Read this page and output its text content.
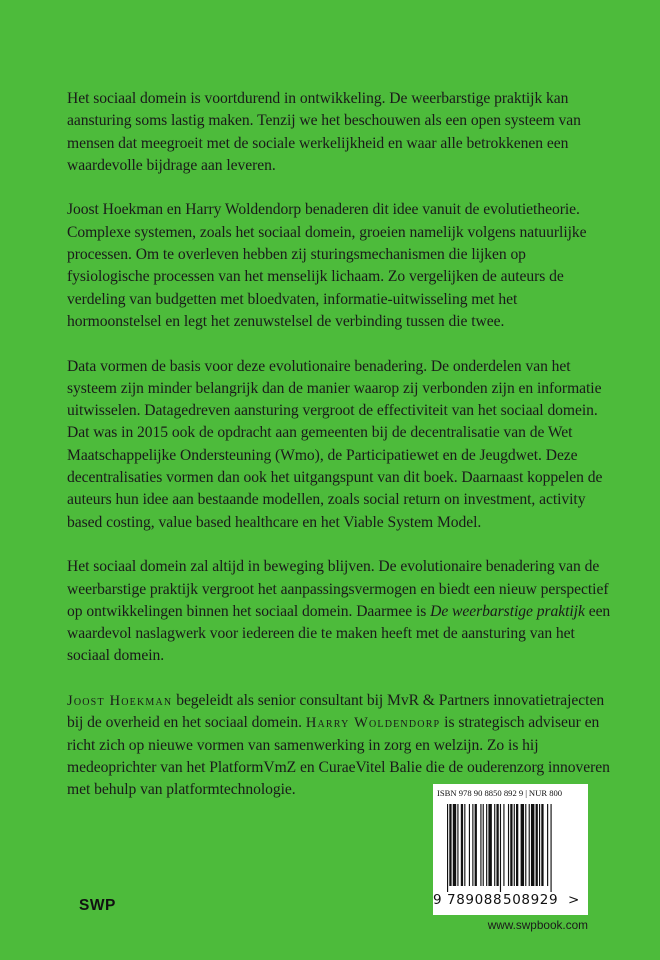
Het sociaal domein is voortdurend in ontwikkeling. De weerbarstige praktijk kan aansturing soms lastig maken. Tenzij we het beschouwen als een open systeem van mensen dat meegroeit met de sociale werkelijkheid en waar alle betrokkenen een waardevolle bijdrage aan leveren.

Joost Hoekman en Harry Woldendorp benaderen dit idee vanuit de evolutietheorie. Complexe systemen, zoals het sociaal domein, groeien namelijk volgens natuurlijke processen. Om te overleven hebben zij sturingsmechanismen die lijken op fysiologische processen van het menselijk lichaam. Zo vergelijken de auteurs de verdeling van budgetten met bloedvaten, informatie-uitwisseling met het hormoonstelsel en legt het zenuwstelsel de verbinding tussen die twee.

Data vormen de basis voor deze evolutionaire benadering. De onderdelen van het systeem zijn minder belangrijk dan de manier waarop zij verbonden zijn en informatie uitwisselen. Datagedreven aansturing vergroot de effectiviteit van het sociaal domein. Dat was in 2015 ook de opdracht aan gemeenten bij de decentralisatie van de Wet Maatschappelijke Ondersteuning (Wmo), de Participatiewet en de Jeugdwet. Deze decentralisaties vormen dan ook het uitgangspunt van dit boek. Daarnaast koppelen de auteurs hun idee aan bestaande modellen, zoals social return on investment, activity based costing, value based healthcare en het Viable System Model.

Het sociaal domein zal altijd in beweging blijven. De evolutionaire benadering van de weerbarstige praktijk vergroot het aanpassingsvermogen en biedt een nieuw perspectief op ontwikkelingen binnen het sociaal domein. Daarmee is De weerbarstige praktijk een waardevol naslagwerk voor iedereen die te maken heeft met de aansturing van het sociaal domein.

Joost Hoekman begeleidt als senior consultant bij MvR & Partners innovatietrajecten bij de overheid en het sociaal domein. Harry Woldendorp is strategisch adviseur en richt zich op nieuwe vormen van samenwerking in zorg en welzijn. Zo is hij medeoprichter van het PlatformVmZ en CuraeVitel Balie die de ouderenzorg innoveren met behulp van platformtechnologie.	ISBN 978 90 8850 892 9 | NUR 800
9 789088 508929 >
SWP
www.swpbook.com
